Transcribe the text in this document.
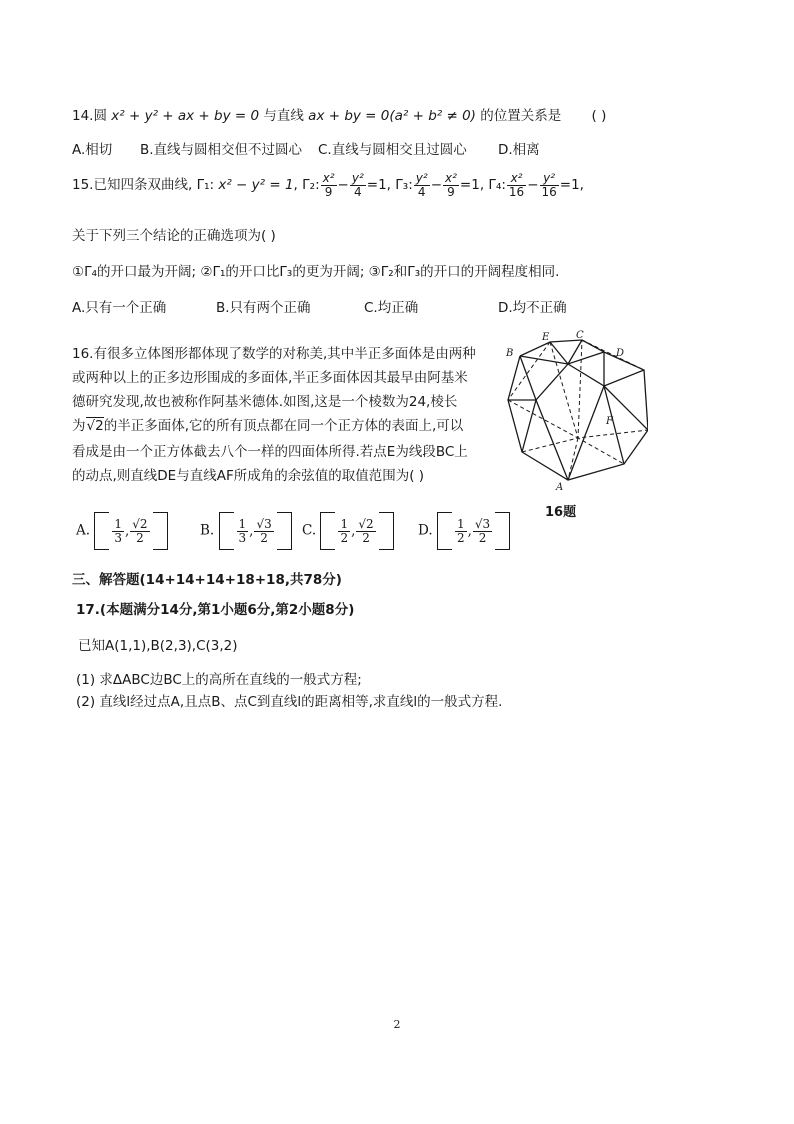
14.圆 x² + y² + ax + by = 0 与直线 ax + by = 0(a² + b² ≠ 0) 的位置关系是 ( )
A.相切 B.直线与圆相交但不过圆心 C.直线与圆相交且过圆心 D.相离
15.已知四条双曲线, Γ₁: x² − y² = 1, Γ₂: $\frac{\text{x²}}{9} - \frac{\text{y²}}{4} =1$, Γ₃: $\frac{\text{y²}}{4} - \frac{\text{x²}}{9} =1$, Γ₄: $\frac{\text{x²}}{16} - \frac{\text{y²}}{16} =1$,
关于下列三个结论的正确选项为( )
①Γ₄的开口最为开阔; ②Γ₁的开口比Γ₃的更为开阔; ③Γ₂和Γ₃的开口的开阔程度相同.
A.只有一个正确	B.只有两个正确	C.均正确	D.均不正确
16.有很多立体图形都体现了数学的对称美,其中半正多面体是由两种
或两种以上的正多边形围成的多面体,半正多面体因其最早由阿基米
德研究发现,故也被称作阿基米德体.如图,这是一个棱数为24,棱长
为√2的半正多面体,它的所有顶点都在同一个正方体的表面上,可以
看成是由一个正方体截去八个一样的四面体所得.若点E为线段BC上
的动点,则直线DE与直线AF所成角的余弦值的取值范围为( )
B
E	C
D
F
A
16题
A. $\frac{1}{3}$ , $\frac{√2}{2}$	B. $\frac{1}{3}$ , $\frac{√3}{2} C$. $\frac{1}{2}$ , $\frac{√2}{2}$	D. $\frac{1}{2}$ , $\frac{√3}{2}$
三、解答题(14+14+14+18+18,共78分)
17.(本题满分14分,第1小题6分,第2小题8分)
已知A(1,1),B(2,3),C(3,2)
(1) 求ΔABC边BC上的高所在直线的一般式方程;
(2) 直线l经过点A,且点B、点C到直线l的距离相等,求直线l的一般式方程.
2
